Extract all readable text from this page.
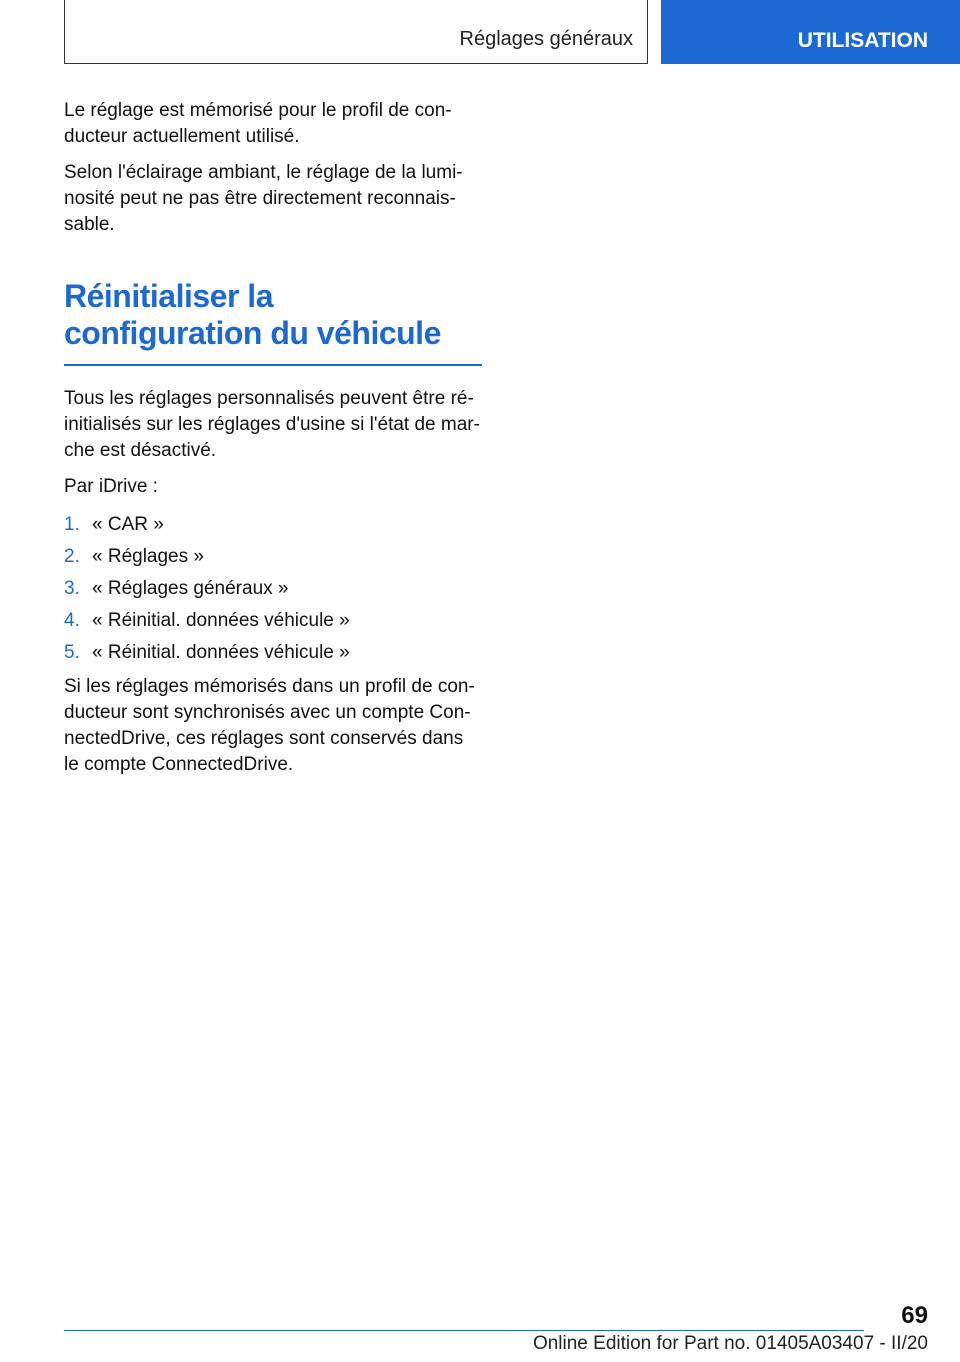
Réglages généraux	UTILISATION

Le réglage est mémorisé pour le profil de con-ducteur actuellement utilisé.

Selon l'éclairage ambiant, le réglage de la lumi-nosité peut ne pas être directement reconnais-sable.

Réinitialiser la
configuration du véhicule

Tous les réglages personnalisés peuvent être ré-initialisés sur les réglages d'usine si l'état de mar-che est désactivé.

Par iDrive :

1. « CAR »
2. « Réglages »
3. « Réglages généraux »
4. « Réinitial. données véhicule »
5. « Réinitial. données véhicule »

Si les réglages mémorisés dans un profil de con-ducteur sont synchronisés avec un compte Con-nectedDrive, ces réglages sont conservés dans le compte ConnectedDrive.

69
Online Edition for Part no. 01405A03407 - II/20
